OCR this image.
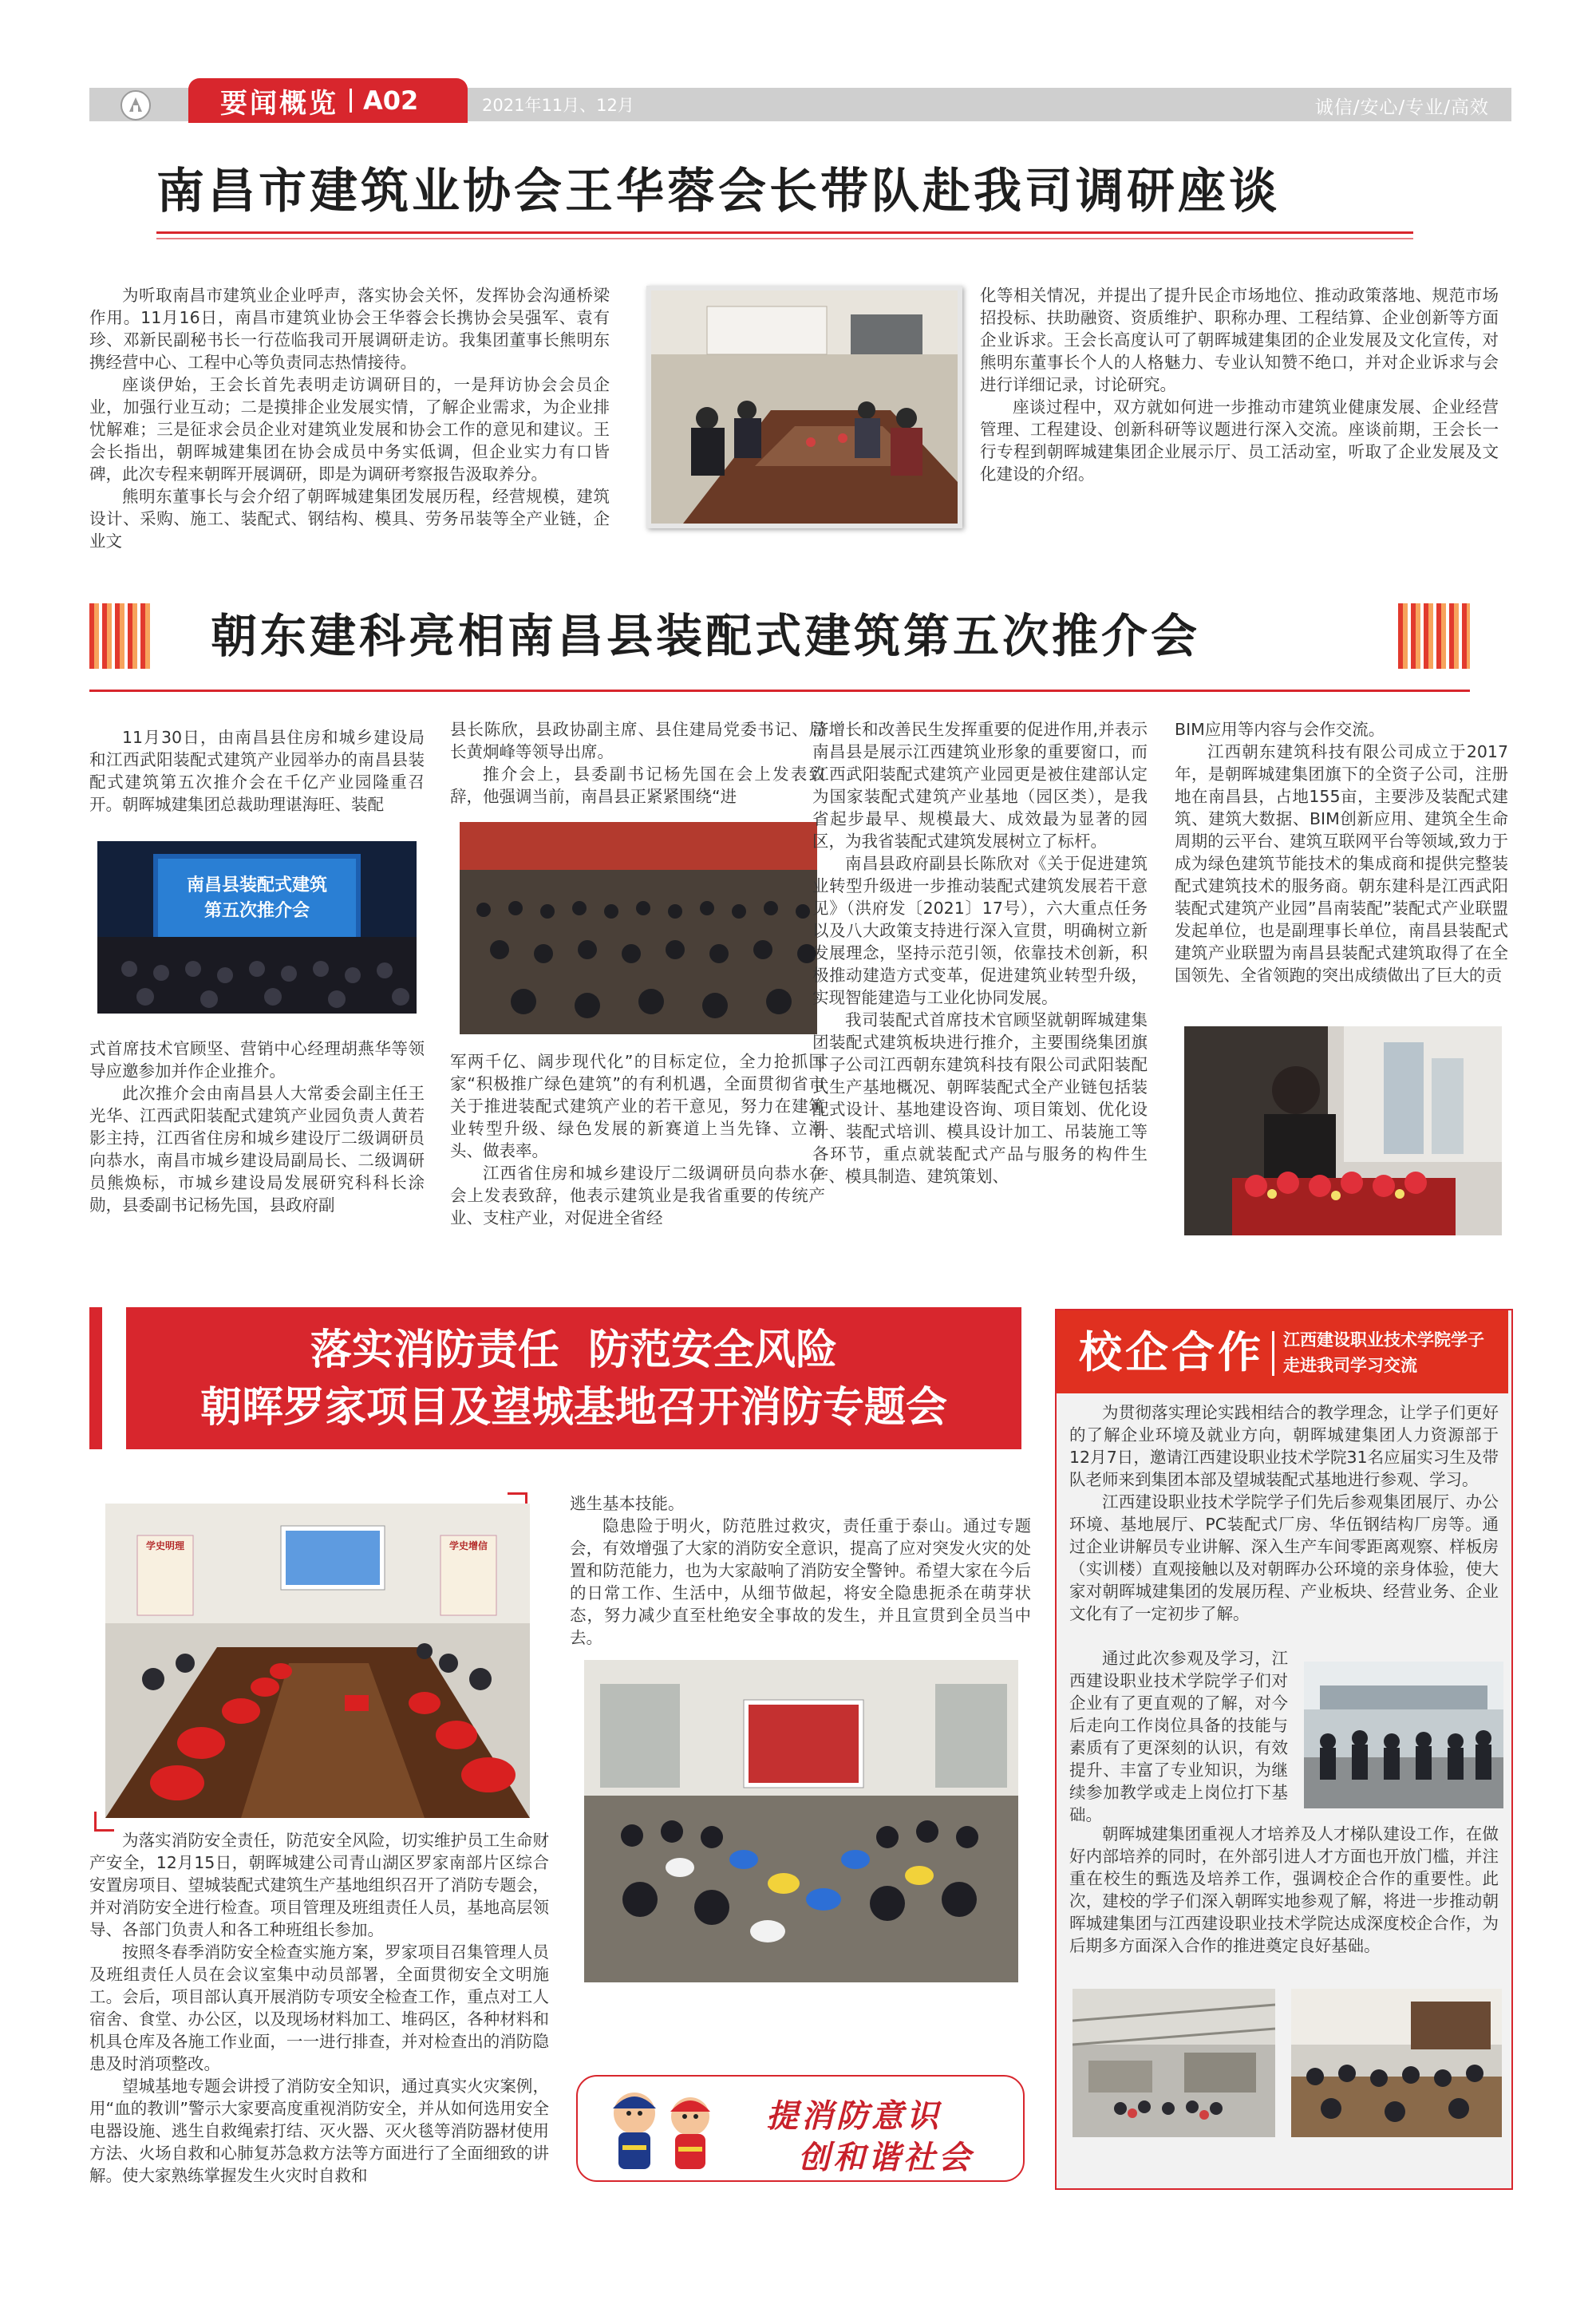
要闻概览 A02	2021年11月、12月	诚信/安心/专业/高效
南昌市建筑业协会王华蓉会长带队赴我司调研座谈

为听取南昌市建筑业企业呼声，落实协会关怀，发挥协会沟通桥梁作用。11月16日，南昌市建筑业协会王华蓉会长携协会吴强军、袁有珍、邓新民副秘书长一行莅临我司开展调研走访。我集团董事长熊明东携经营中心、工程中心等负责同志热情接待。

座谈伊始，王会长首先表明走访调研目的，一是拜访协会会员企业，加强行业互动；二是摸排企业发展实情，了解企业需求，为企业排忧解难；三是征求会员企业对建筑业发展和协会工作的意见和建议。王会长指出，朝晖城建集团在协会成员中务实低调，但企业实力有口皆碑，此次专程来朝晖开展调研，即是为调研考察报告汲取养分。

熊明东董事长与会介绍了朝晖城建集团发展历程，经营规模，建筑设计、采购、施工、装配式、钢结构、模具、劳务吊装等全产业链，企业文

化等相关情况，并提出了提升民企市场地位、推动政策落地、规范市场招投标、扶助融资、资质维护、职称办理、工程结算、企业创新等方面企业诉求。王会长高度认可了朝晖城建集团的企业发展及文化宣传，对熊明东董事长个人的人格魅力、专业认知赞不绝口，并对企业诉求与会进行详细记录，讨论研究。

座谈过程中，双方就如何进一步推动市建筑业健康发展、企业经营管理、工程建设、创新科研等议题进行深入交流。座谈前期，王会长一行专程到朝晖城建集团企业展示厅、员工活动室，听取了企业发展及文化建设的介绍。

朝东建科亮相南昌县装配式建筑第五次推介会

11月30日，由南昌县住房和城乡建设局和江西武阳装配式建筑产业园举办的南昌县装配式建筑第五次推介会在千亿产业园隆重召开。朝晖城建集团总裁助理谌海旺、装配

南昌县装配式建筑
第五次推介会

式首席技术官顾坚、营销中心经理胡燕华等领导应邀参加并作企业推介。

此次推介会由南昌县人大常委会副主任王光华、江西武阳装配式建筑产业园负责人黄若影主持，江西省住房和城乡建设厅二级调研员向恭水，南昌市城乡建设局副局长、二级调研员熊焕标，市城乡建设局发展研究科科长涂勋，县委副书记杨先国，县政府副

县长陈欣，县政协副主席、县住建局党委书记、局长黄炯峰等领导出席。

推介会上，县委副书记杨先国在会上发表致辞，他强调当前，南昌县正紧紧围绕“进

军两千亿、阔步现代化”的目标定位，全力抢抓国家“积极推广绿色建筑”的有利机遇，全面贯彻省市关于推进装配式建筑产业的若干意见，努力在建筑业转型升级、绿色发展的新赛道上当先锋、立潮头、做表率。

江西省住房和城乡建设厅二级调研员向恭水在会上发表致辞，他表示建筑业是我省重要的传统产业、支柱产业，对促进全省经

济增长和改善民生发挥重要的促进作用,并表示南昌县是展示江西建筑业形象的重要窗口，而江西武阳装配式建筑产业园更是被住建部认定为国家装配式建筑产业基地（园区类），是我省起步最早、规模最大、成效最为显著的园区，为我省装配式建筑发展树立了标杆。

南昌县政府副县长陈欣对《关于促进建筑业转型升级进一步推动装配式建筑发展若干意见》（洪府发〔2021〕17号），六大重点任务以及八大政策支持进行深入宣贯，明确树立新发展理念，坚持示范引领，依靠技术创新，积极推动建造方式变革，促进建筑业转型升级，实现智能建造与工业化协同发展。

我司装配式首席技术官顾坚就朝晖城建集团装配式建筑板块进行推介，主要围绕集团旗下子公司江西朝东建筑科技有限公司武阳装配式生产基地概况、朝晖装配式全产业链包括装配式设计、基地建设咨询、项目策划、优化设计、装配式培训、模具设计加工、吊装施工等各环节，重点就装配式产品与服务的构件生产、模具制造、建筑策划、

BIM应用等内容与会作交流。

江西朝东建筑科技有限公司成立于2017年，是朝晖城建集团旗下的全资子公司，注册地在南昌县，占地155亩，主要涉及装配式建筑、建筑大数据、BIM创新应用、建筑全生命周期的云平台、建筑互联网平台等领域,致力于成为绿色建筑节能技术的集成商和提供完整装配式建筑技术的服务商。朝东建科是江西武阳装配式建筑产业园”昌南装配”装配式产业联盟发起单位，也是副理事长单位，南昌县装配式建筑产业联盟为南昌县装配式建筑取得了在全国领先、全省领跑的突出成绩做出了巨大的贡

落实消防责任  防范安全风险
朝晖罗家项目及望城基地召开消防专题会
学史明理	学史增信

为落实消防安全责任，防范安全风险，切实维护员工生命财产安全，12月15日，朝晖城建公司青山湖区罗家南部片区综合安置房项目、望城装配式建筑生产基地组织召开了消防专题会，并对消防安全进行检查。项目管理及班组责任人员，基地高层领导、各部门负责人和各工种班组长参加。

按照冬春季消防安全检查实施方案，罗家项目召集管理人员及班组责任人员在会议室集中动员部署，全面贯彻安全文明施工。会后，项目部认真开展消防专项安全检查工作，重点对工人宿舍、食堂、办公区，以及现场材料加工、堆码区，各种材料和机具仓库及各施工作业面，一一进行排查，并对检查出的消防隐患及时消项整改。

望城基地专题会讲授了消防安全知识，通过真实火灾案例，用“血的教训”警示大家要高度重视消防安全，并从如何选用安全电器设施、逃生自救绳索打结、灭火器、灭火毯等消防器材使用方法、火场自救和心肺复苏急救方法等方面进行了全面细致的讲解。使大家熟练掌握发生火灾时自救和

逃生基本技能。

隐患险于明火，防范胜过救灾，责任重于泰山。通过专题会，有效增强了大家的消防安全意识，提高了应对突发火灾的处置和防范能力，也为大家敲响了消防安全警钟。希望大家在今后的日常工作、生活中，从细节做起，将安全隐患扼杀在萌芽状态，努力减少直至杜绝安全事故的发生，并且宣贯到全员当中去。

提消防意识
创和谐社会
校企合作	江西建设职业技术学院学子
走进我司学习交流

为贯彻落实理论实践相结合的教学理念，让学子们更好的了解企业环境及就业方向，朝晖城建集团人力资源部于12月7日，邀请江西建设职业技术学院31名应届实习生及带队老师来到集团本部及望城装配式基地进行参观、学习。

江西建设职业技术学院学子们先后参观集团展厅、办公环境、基地展厅、PC装配式厂房、华伍钢结构厂房等。通过企业讲解员专业讲解、深入生产车间零距离观察、样板房（实训楼）直观接触以及对朝晖办公环境的亲身体验，使大家对朝晖城建集团的发展历程、产业板块、经营业务、企业文化有了一定初步了解。

通过此次参观及学习，江西建设职业技术学院学子们对企业有了更直观的了解，对今后走向工作岗位具备的技能与素质有了更深刻的认识，有效提升、丰富了专业知识，为继续参加教学或走上岗位打下基础。

朝晖城建集团重视人才培养及人才梯队建设工作，在做好内部培养的同时，在外部引进人才方面也开放门槛，并注重在校生的甄选及培养工作，强调校企合作的重要性。此次，建校的学子们深入朝晖实地参观了解，将进一步推动朝晖城建集团与江西建设职业技术学院达成深度校企合作，为后期多方面深入合作的推进奠定良好基础。
